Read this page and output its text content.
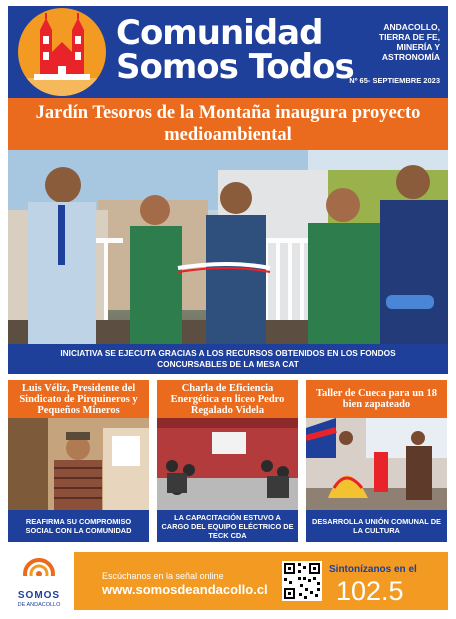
Comunidad
Somos Todos
ANDACOLLO,
TIERRA DE FE,
MINERÍA Y
ASTRONOMÍA
Nº 65- SEPTIEMBRE 2023
Jardín Tesoros de la Montaña inaugura proyecto medioambiental
INICIATIVA SE EJECUTA GRACIAS A LOS RECURSOS OBTENIDOS EN LOS FONDOS
CONCURSABLES DE LA MESA CAT
Luis Véliz, Presidente del Sindicato de Pirquineros y Pequeños Mineros
REAFIRMA SU COMPROMISO SOCIAL CON LA COMUNIDAD
Charla de Eficiencia Energética en liceo Pedro Regalado Videla
LA CAPACITACIÓN ESTUVO A CARGO DEL EQUIPO ELÉCTRICO DE TECK CDA
Taller de Cueca para un 18 bien zapateado
DESARROLLA UNIÓN COMUNAL DE LA CULTURA
SOMOS
DE ANDACOLLO
Escúchanos en la señal online
www.somosdeandacollo.cl
Sintonízanos en el
102.5
